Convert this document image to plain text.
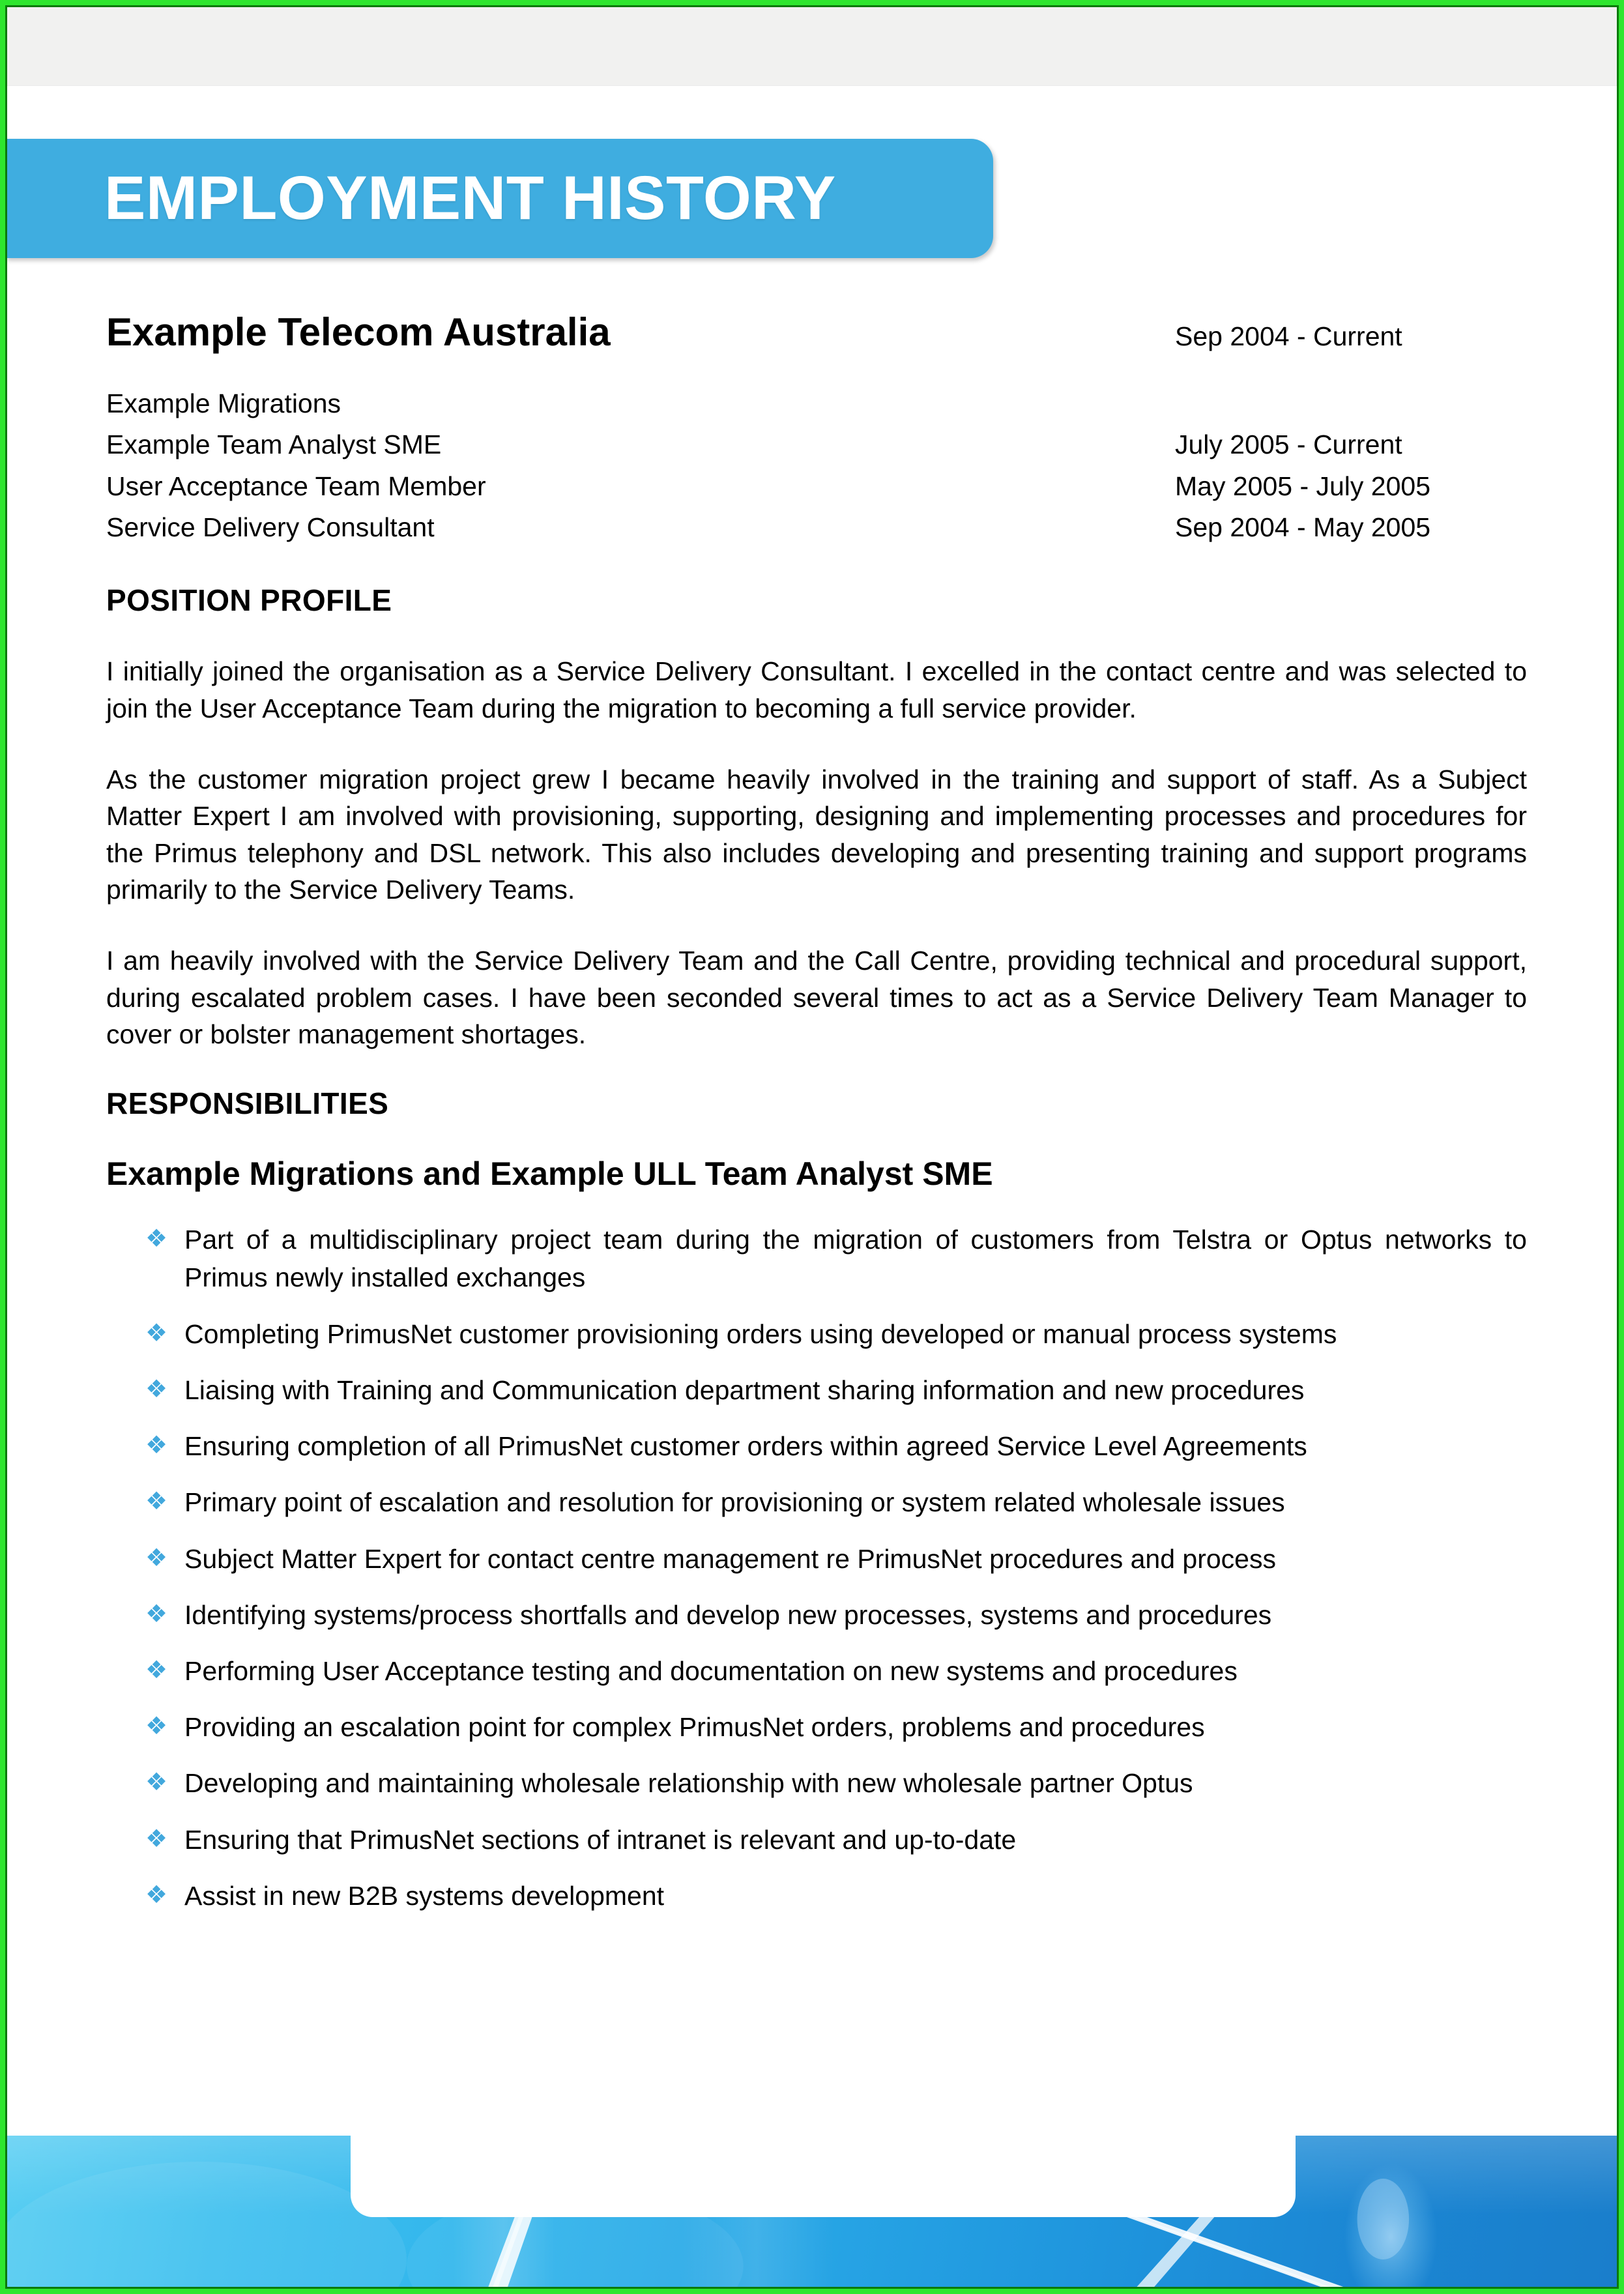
EMPLOYMENT HISTORY
Example Telecom Australia	Sep 2004 - Current
Example Migrations
Example Team Analyst SME	July 2005 - Current
User Acceptance Team Member	May 2005 - July 2005
Service Delivery Consultant	Sep 2004 - May 2005
POSITION PROFILE

I initially joined the organisation as a Service Delivery Consultant. I excelled in the contact centre and was selected to join the User Acceptance Team during the migration to becoming a full service provider.

As the customer migration project grew I became heavily involved in the training and support of staff. As a Subject Matter Expert I am involved with provisioning, supporting, designing and implementing processes and procedures for the Primus telephony and DSL network. This also includes developing and presenting training and support programs primarily to the Service Delivery Teams.

I am heavily involved with the Service Delivery Team and the Call Centre, providing technical and procedural support, during escalated problem cases. I have been seconded several times to act as a Service Delivery Team Manager to cover or bolster management shortages.

RESPONSIBILITIES
Example Migrations and Example ULL Team Analyst SME
❖ Part of a multidisciplinary project team during the migration of customers from Telstra or Optus networks to Primus newly installed exchanges
❖ Completing PrimusNet customer provisioning orders using developed or manual process systems
❖ Liaising with Training and Communication department sharing information and new procedures
❖ Ensuring completion of all PrimusNet customer orders within agreed Service Level Agreements
❖ Primary point of escalation and resolution for provisioning or system related wholesale issues
❖ Subject Matter Expert for contact centre management re PrimusNet procedures and process
❖ Identifying systems/process shortfalls and develop new processes, systems and procedures
❖ Performing User Acceptance testing and documentation on new systems and procedures
❖ Providing an escalation point for complex PrimusNet orders, problems and procedures
❖ Developing and maintaining wholesale relationship with new wholesale partner Optus
❖ Ensuring that PrimusNet sections of intranet is relevant and up-to-date
❖ Assist in new B2B systems development
